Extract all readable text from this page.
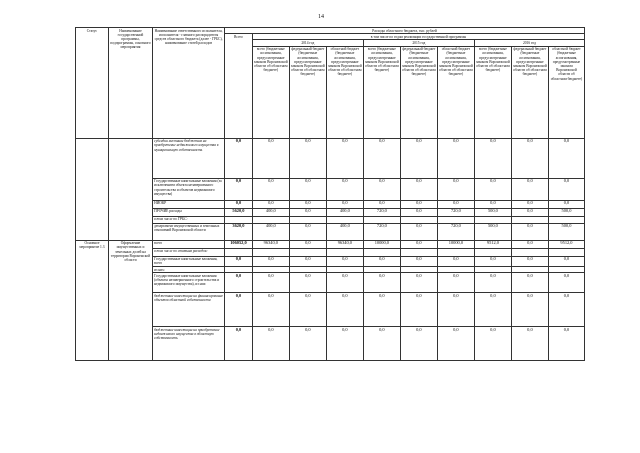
14
Статус	Наименование государственной программы, подпрограммы, основного мероприятия	Наименование ответственного исполнителя, исполнителя - главного распорядителя средств областного бюджета (далее - ГРБС), наименование статей расходов	Расходы областного бюджета, тыс. рублей									
			Всего	в том числе по годам реализации государственной программы								
				2014 год			2015 год			2016 год		
				всего (бюджетные ассигнования, предусмотренные законом Воронежской области об областном бюджете)	федеральный бюджет (бюджетные ассигнования, предусмотренные законом Воронежской области об областном бюджете)	областной бюджет (бюджетные ассигнования, предусмотренные законом Воронежской области об областном бюджете)	всего (бюджетные ассигнования, предусмотренные законом Воронежской области об областном бюджете)	федеральный бюджет (бюджетные ассигнования, предусмотренные законом Воронежской области об областном бюджете)	областной бюджет (бюджетные ассигнования, предусмотренные законом Воронежской области об областном бюджете)	всего (бюджетные ассигнования, предусмотренные законом Воронежской области об областном бюджете)	федеральный бюджет (бюджетные ассигнования, предусмотренные законом Воронежской области об областном бюджете)	областной бюджет (бюджетные ассигнования, предусмотренные законом Воронежской области об областном бюджете)
		субсидии местным бюджетам на приобретение недвижимого имущества в муниципальную собственность	0,0	0,0	0,0	0,0	0,0	0,0	0,0	0,0	0,0	0,0
		Государственные капитальные вложения (за исключением объекта незавершенного строительства и объектов недвижимого имущества)	0,0	0,0	0,0	0,0	0,0	0,0	0,0	0,0	0,0	0,0
		НИОКР	0,0	0,0	0,0	0,0	0,0	0,0	0,0	0,0	0,0	0,0
		ПРОЧИЕ расходы	5620,0	400,0	0,0	400,0	720,0	0,0	720,0	500,0	0,0	500,0
		в том числе по ГРБС:										
		департамент имущественных и земельных отношений Воронежской области	3620,0	400,0	0,0	400,0	720,0	0,0	720,0	500,0	0,0	500,0
Основное мероприятие 1.3	Оформление имущественных и земельных долей на территории Воронежской области	всего	106052,0	96340,0	0,0	96340,0	10000,0	0,0	10000,0	9512,0	0,0	9512,0
		в том числе по статьям расходов:										
		Государственные капитальные вложения, всего	0,0	0,0	0,0	0,0	0,0	0,0	0,0	0,0	0,0	0,0
		из них:										
		Государственные капитальные вложения (объекты незавершенного строительства и недвижимого имущества), из них:	0,0	0,0	0,0	0,0	0,0	0,0	0,0	0,0	0,0	0,0
		бюджетные инвестиции на финансирование объектов областной собственности	0,0	0,0	0,0	0,0	0,0	0,0	0,0	0,0	0,0	0,0
		бюджетные инвестиции на приобретение недвижимого имущества в областную собственность	0,0	0,0	0,0	0,0	0,0	0,0	0,0	0,0	0,0	0,0
